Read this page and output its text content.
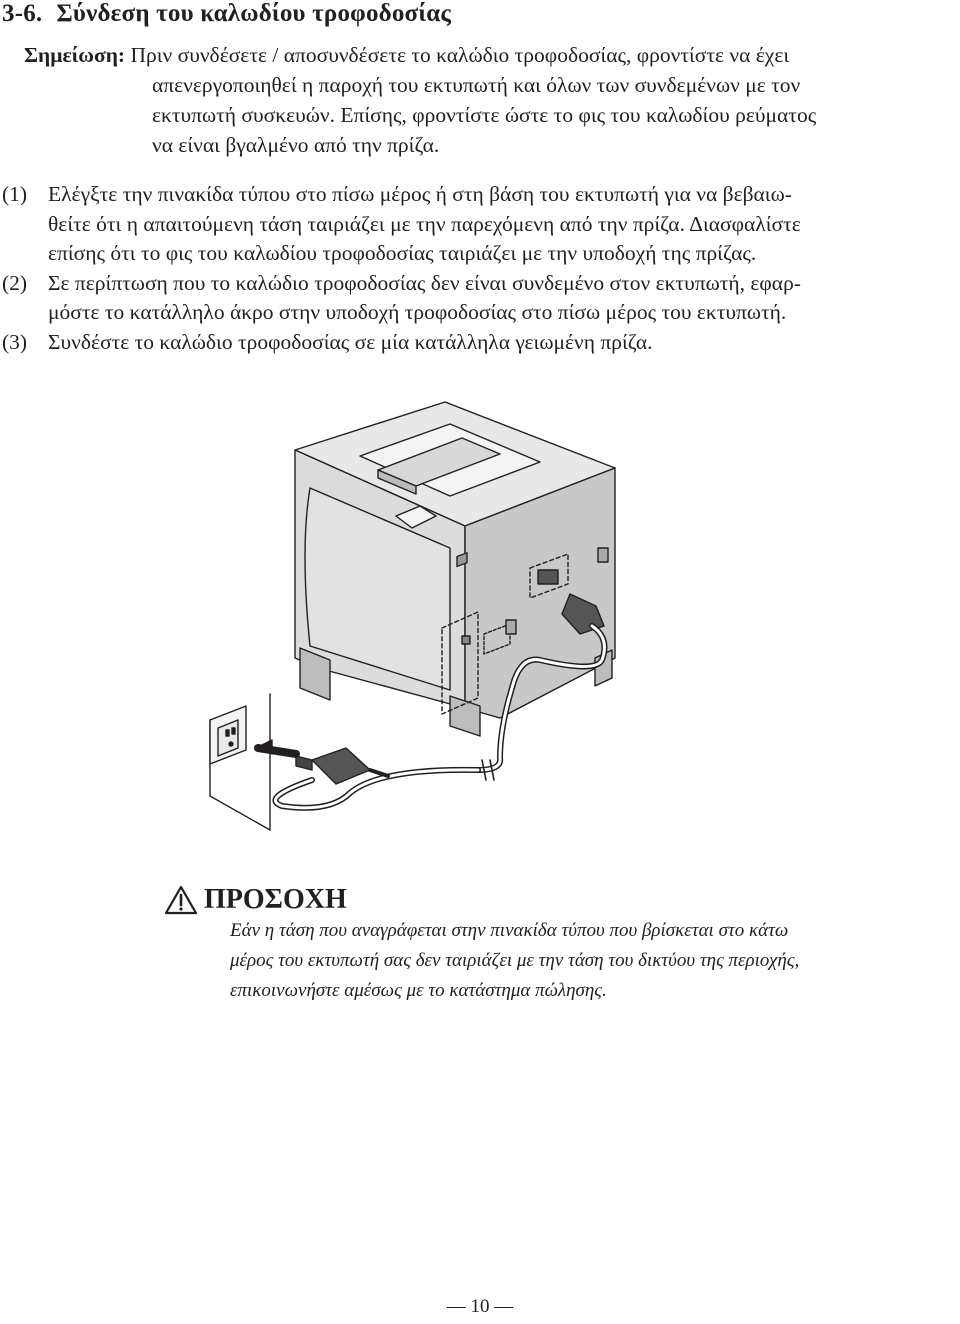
3-6. Σύνδεση του καλωδίου τροφοδοσίας
Σημείωση: Πριν συνδέσετε / αποσυνδέσετε το καλώδιο τροφοδοσίας, φροντίστε να έχει
απενεργοποιηθεί η παροχή του εκτυπωτή και όλων των συνδεμένων με τον
εκτυπωτή συσκευών. Επίσης, φροντίστε ώστε το φις του καλωδίου ρεύματος
να είναι βγαλμένο από την πρίζα.
(1) Ελέγξτε την πινακίδα τύπου στο πίσω μέρος ή στη βάση του εκτυπωτή για να βεβαιω-
θείτε ότι η απαιτούμενη τάση ταιριάζει με την παρεχόμενη από την πρίζα. Διασφαλίστε
επίσης ότι το φις του καλωδίου τροφοδοσίας ταιριάζει με την υποδοχή της πρίζας.
(2) Σε περίπτωση που το καλώδιο τροφοδοσίας δεν είναι συνδεμένο στον εκτυπωτή, εφαρ-
μόστε το κατάλληλο άκρο στην υποδοχή τροφοδοσίας στο πίσω μέρος του εκτυπωτή.
(3) Συνδέστε το καλώδιο τροφοδοσίας σε μία κατάλληλα γειωμένη πρίζα.
ΠΡΟΣΟΧΗ
Εάν η τάση που αναγράφεται στην πινακίδα τύπου που βρίσκεται στο κάτω
μέρος του εκτυπωτή σας δεν ταιριάζει με την τάση του δικτύου της περιοχής,
επικοινωνήστε αμέσως με το κατάστημα πώλησης.
— 10 —
